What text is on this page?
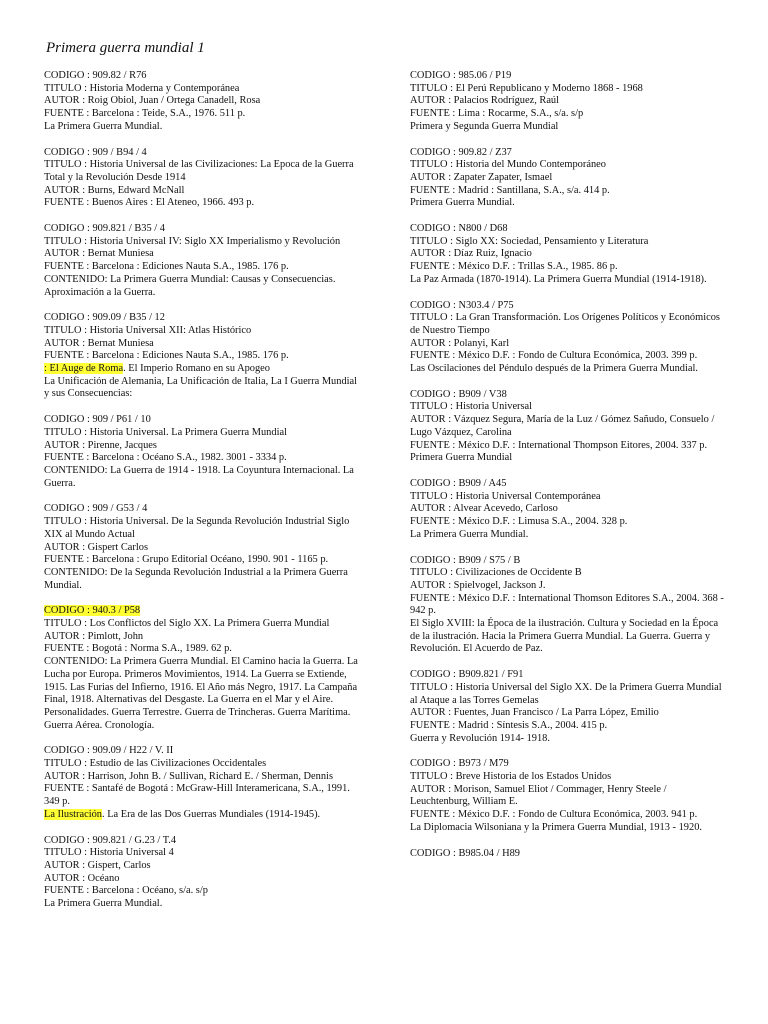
Primera guerra mundial 1
CODIGO : 909.82 / R76
TITULO : Historia Moderna y Contemporánea
AUTOR : Roig Obiol, Juan / Ortega Canadell, Rosa
FUENTE : Barcelona : Teide, S.A., 1976. 511 p.
La Primera Guerra Mundial.
CODIGO : 909 / B94 / 4
TITULO : Historia Universal de las Civilizaciones: La Epoca de la Guerra Total y la Revolución Desde 1914
AUTOR : Burns, Edward McNall
FUENTE : Buenos Aires : El Ateneo, 1966. 493 p.
CODIGO : 909.821 / B35 / 4
TITULO : Historia Universal IV: Siglo XX Imperialismo y Revolución
AUTOR : Bernat Muniesa
FUENTE : Barcelona : Ediciones Nauta S.A., 1985. 176 p.
CONTENIDO: La Primera Guerra Mundial: Causas y Consecuencias. Aproximación a la Guerra.
CODIGO : 909.09 / B35 / 12
TITULO : Historia Universal XII: Atlas Histórico
AUTOR : Bernat Muniesa
FUENTE : Barcelona : Ediciones Nauta S.A., 1985. 176 p.
: El Auge de Roma. El Imperio Romano en su Apogeo
La Unificación de Alemania, La Unificación de Italia, La I Guerra Mundial y sus Consecuencias:
CODIGO : 909 / P61 / 10
TITULO : Historia Universal. La Primera Guerra Mundial
AUTOR : Pirenne, Jacques
FUENTE : Barcelona : Océano S.A., 1982. 3001 - 3334 p.
CONTENIDO: La Guerra de 1914 - 1918. La Coyuntura Internacional. La Guerra.
CODIGO : 909 / G53 / 4
TITULO : Historia Universal. De la Segunda Revolución Industrial Siglo XIX al Mundo Actual
AUTOR : Gispert Carlos
FUENTE : Barcelona : Grupo Editorial Océano, 1990. 901 - 1165 p.
CONTENIDO: De la Segunda Revolución Industrial a la Primera Guerra Mundial.
CODIGO : 940.3 / P58
TITULO : Los Conflictos del Siglo XX. La Primera Guerra Mundial
AUTOR : Pimlott, John
FUENTE : Bogotá : Norma S.A., 1989. 62 p.
CONTENIDO: La Primera Guerra Mundial. El Camino hacia la Guerra. La Lucha por Europa. Primeros Movimientos, 1914. La Guerra se Extiende, 1915. Las Furias del Infierno, 1916. El Año más Negro, 1917. La Campaña Final, 1918. Alternativas del Desgaste. La Guerra en el Mar y el Aire. Personalidades. Guerra Terrestre. Guerra de Trincheras. Guerra Marítima. Guerra Aérea. Cronología.
CODIGO : 909.09 / H22 / V. II
TITULO : Estudio de las Civilizaciones Occidentales
AUTOR : Harrison, John B. / Sullivan, Richard E. / Sherman, Dennis
FUENTE : Santafé de Bogotá : McGraw-Hill Interamericana, S.A., 1991. 349 p.
La Ilustración. La Era de las Dos Guerras Mundiales (1914-1945).
CODIGO : 909.821 / G.23 / T.4
TITULO : Historia Universal 4
AUTOR : Gispert, Carlos
AUTOR : Océano
FUENTE : Barcelona : Océano, s/a. s/p
La Primera Guerra Mundial.
CODIGO : 985.06 / P19
TITULO : El Perú Republicano y Moderno 1868 - 1968
AUTOR : Palacios Rodríguez, Raúl
FUENTE : Lima : Rocarme, S.A., s/a. s/p
Primera y Segunda Guerra Mundial
CODIGO : 909.82 / Z37
TITULO : Historia del Mundo Contemporáneo
AUTOR : Zapater Zapater, Ismael
FUENTE : Madrid : Santillana, S.A., s/a. 414 p.
Primera Guerra Mundial.
CODIGO : N800 / D68
TITULO : Siglo XX: Sociedad, Pensamiento y Literatura
AUTOR : Díaz Ruiz, Ignacio
FUENTE : México D.F. : Trillas S.A., 1985. 86 p.
La Paz Armada (1870-1914). La Primera Guerra Mundial (1914-1918).
CODIGO : N303.4 / P75
TITULO : La Gran Transformación. Los Orígenes Políticos y Económicos de Nuestro Tiempo
AUTOR : Polanyi, Karl
FUENTE : México D.F. : Fondo de Cultura Económica, 2003. 399 p.
Las Oscilaciones del Péndulo después de la Primera Guerra Mundial.
CODIGO : B909 / V38
TITULO : Historia Universal
AUTOR : Vázquez Segura, María de la Luz / Gómez Sañudo, Consuelo / Lugo Vázquez, Carolina
FUENTE : México D.F. : International Thompson Eitores, 2004. 337 p.
Primera Guerra Mundial
CODIGO : B909 / A45
TITULO : Historia Universal Contemporánea
AUTOR : Alvear Acevedo, Carloso
FUENTE : México D.F. : Limusa S.A., 2004. 328 p.
La Primera Guerra Mundial.
CODIGO : B909 / S75 / B
TITULO : Civilizaciones de Occidente B
AUTOR : Spielvogel, Jackson J.
FUENTE : México D.F. : International Thomson Editores S.A., 2004. 368 - 942 p.
El Siglo XVIII: la Época de la ilustración. Cultura y Sociedad en la Época de la ilustración. Hacia la Primera Guerra Mundial. La Guerra. Guerra y Revolución. El Acuerdo de Paz.
CODIGO : B909.821 / F91
TITULO : Historia Universal del Siglo XX. De la Primera Guerra Mundial al Ataque a las Torres Gemelas
AUTOR : Fuentes, Juan Francisco / La Parra López, Emilio
FUENTE : Madrid : Síntesis S.A., 2004. 415 p.
Guerra y Revolución 1914- 1918.
CODIGO : B973 / M79
TITULO : Breve Historia de los Estados Unidos
AUTOR : Morison, Samuel Eliot / Commager, Henry Steele / Leuchtenburg, William E.
FUENTE : México D.F. : Fondo de Cultura Económica, 2003. 941 p.
La Diplomacia Wilsoniana y la Primera Guerra Mundial, 1913 - 1920.
CODIGO : B985.04 / H89
